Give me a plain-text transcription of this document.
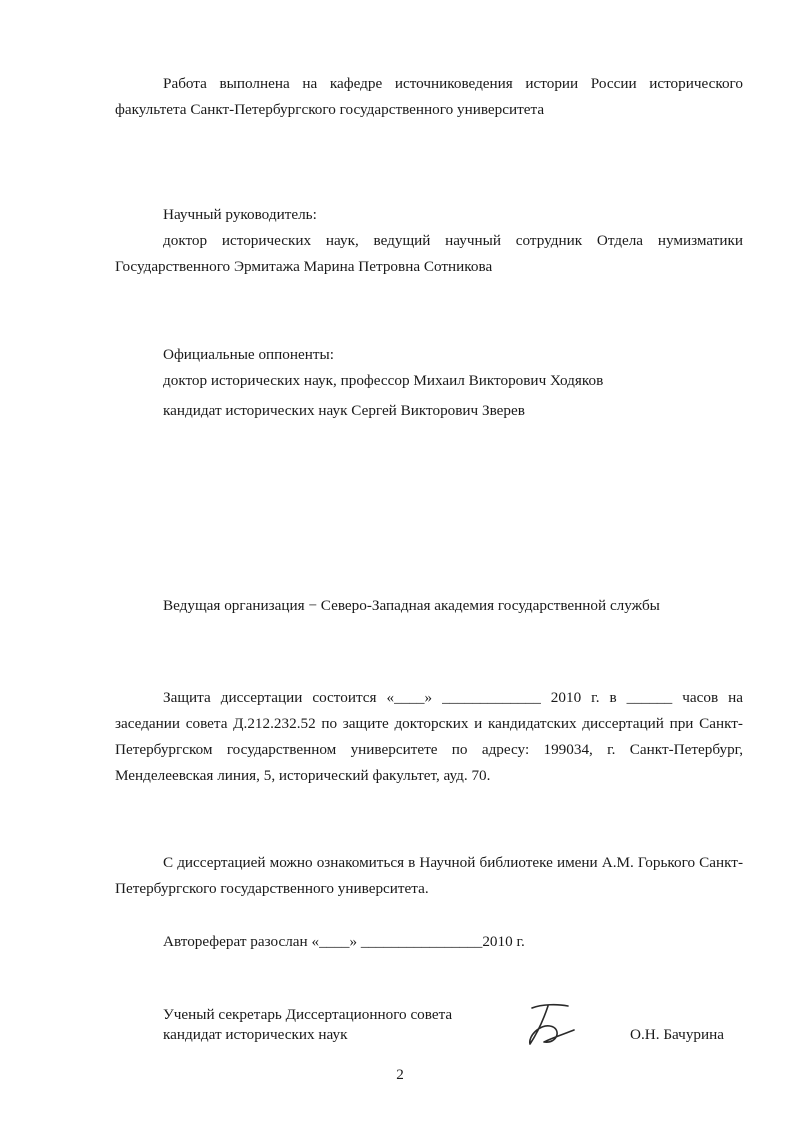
Работа выполнена на кафедре источниковедения истории России исторического факультета Санкт-Петербургского государственного университета

Научный руководитель:

доктор исторических наук, ведущий научный сотрудник Отдела нумизматики Государственного Эрмитажа Марина Петровна Сотникова

Официальные оппоненты:
доктор исторических наук, профессор Михаил Викторович Ходяков
кандидат исторических наук Сергей Викторович Зверев
Ведущая организация − Северо-Западная академия государственной службы

Защита диссертации состоится «____» _____________ 2010 г. в ______ часов на заседании совета Д.212.232.52 по защите докторских и кандидатских диссертаций при Санкт-Петербургском государственном университете по адресу: 199034, г. Санкт-Петербург, Менделеевская линия, 5, исторический факультет, ауд. 70.

С диссертацией можно ознакомиться в Научной библиотеке имени А.М. Горького Санкт-Петербургского государственного университета.

Автореферат разослан «____» ________________2010 г.
Ученый секретарь Диссертационного совета
кандидат исторических наук	О.Н. Бачурина
2
